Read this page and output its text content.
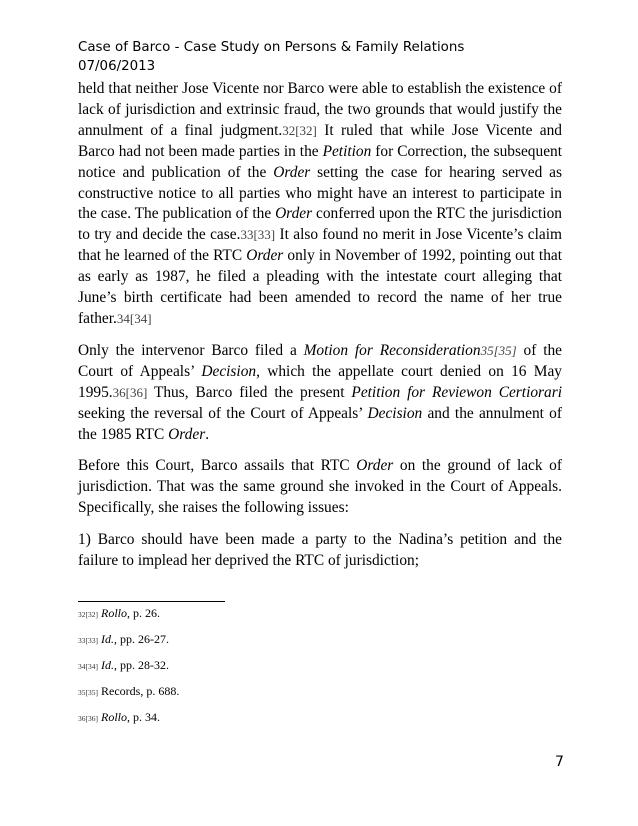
Case of Barco - Case Study on Persons & Family Relations
07/06/2013

held that neither Jose Vicente nor Barco were able to establish the existence of lack of jurisdiction and extrinsic fraud, the two grounds that would justify the annulment of a final judgment.32[32] It ruled that while Jose Vicente and Barco had not been made parties in the Petition for Correction, the subsequent notice and publication of the Order setting the case for hearing served as constructive notice to all parties who might have an interest to participate in the case. The publication of the Order conferred upon the RTC the jurisdiction to try and decide the case.33[33] It also found no merit in Jose Vicente’s claim that he learned of the RTC Order only in November of 1992, pointing out that as early as 1987, he filed a pleading with the intestate court alleging that June’s birth certificate had been amended to record the name of her true father.34[34]

Only the intervenor Barco filed a Motion for Reconsideration35[35] of the Court of Appeals’ Decision, which the appellate court denied on 16 May 1995.36[36] Thus, Barco filed the present Petition for Reviewon Certiorari seeking the reversal of the Court of Appeals’ Decision and the annulment of the 1985 RTC Order.

Before this Court, Barco assails that RTC Order on the ground of lack of jurisdiction. That was the same ground she invoked in the Court of Appeals. Specifically, she raises the following issues:

1) Barco should have been made a party to the Nadina’s petition and the failure to implead her deprived the RTC of jurisdiction;

32[32] Rollo, p. 26.
33[33] Id., pp. 26-27.
34[34] Id., pp. 28-32.
35[35] Records, p. 688.
36[36] Rollo, p. 34.
7
